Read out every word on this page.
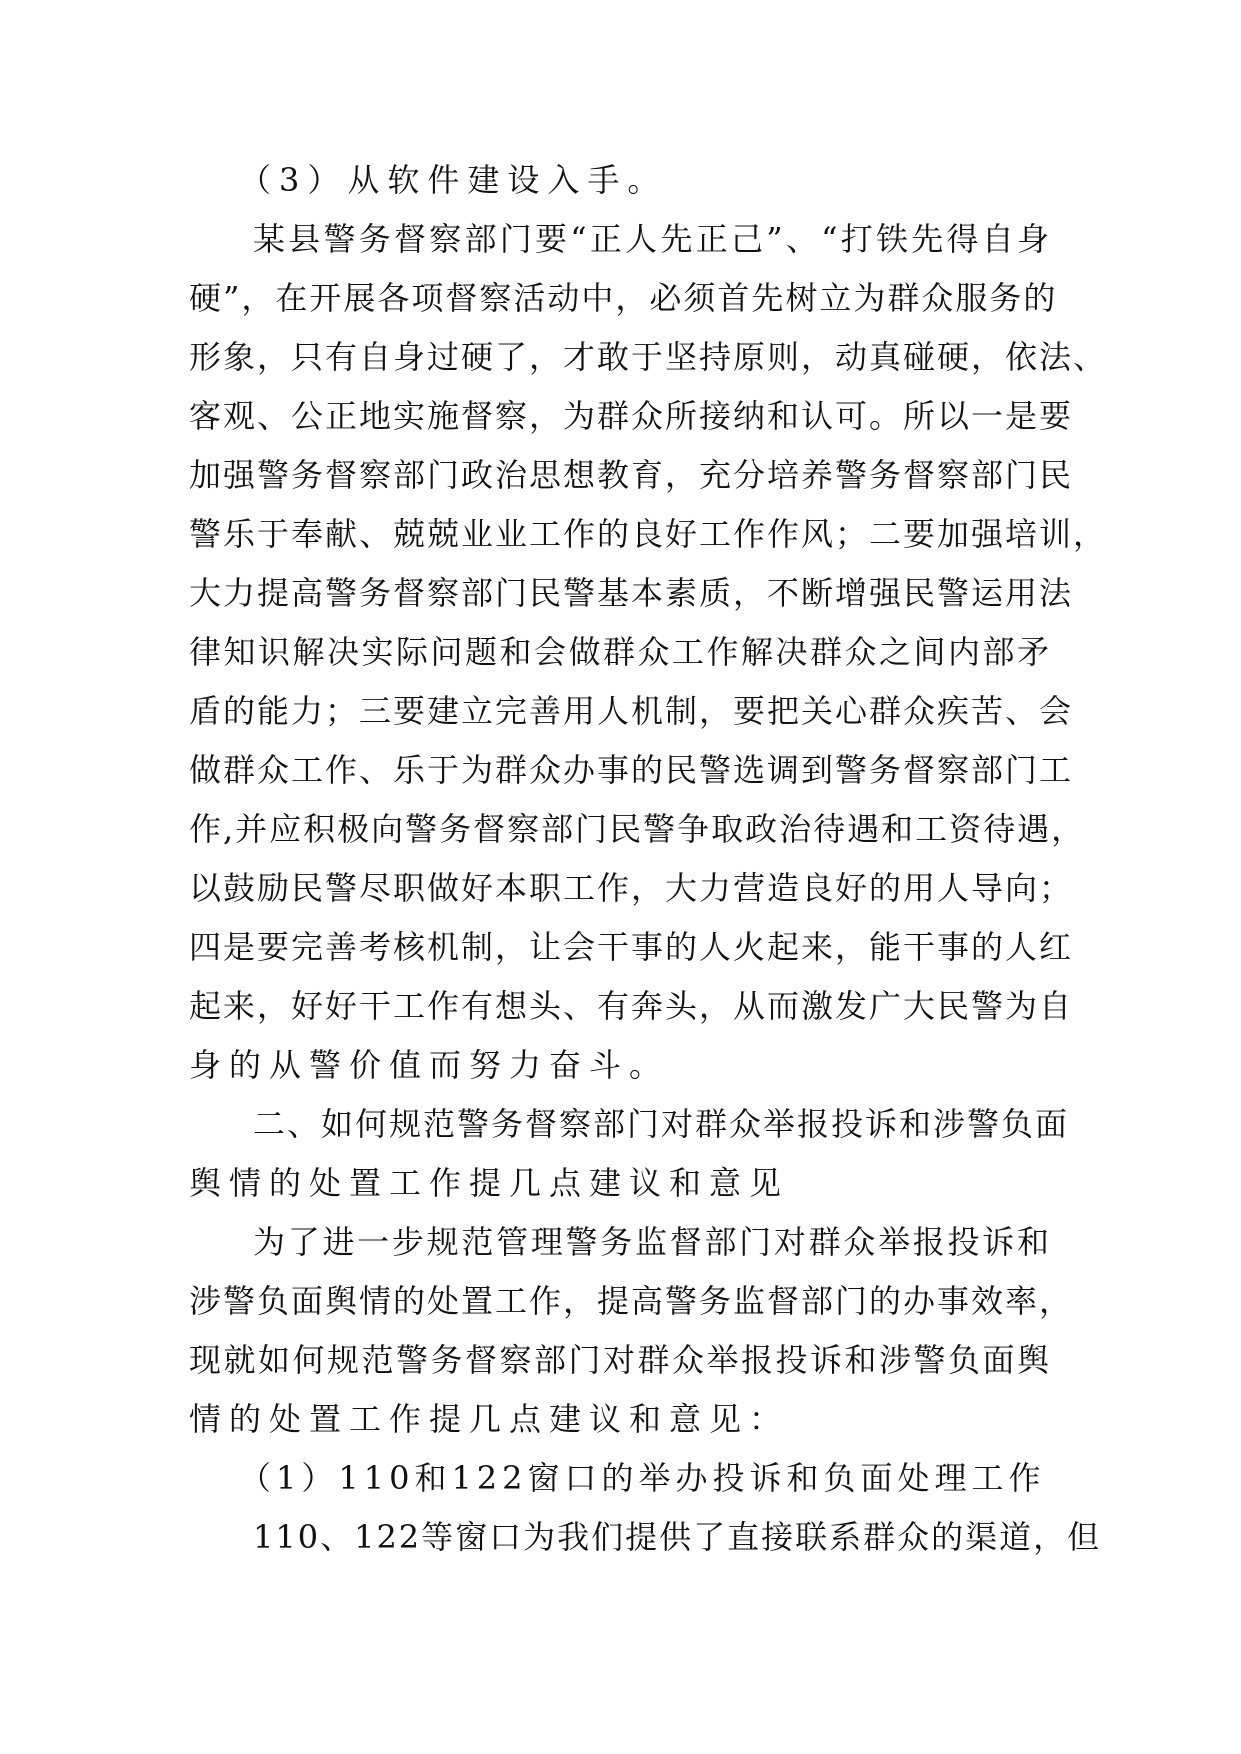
（3）从软件建设入手。
某县警务督察部门要“正人先正己”、“打铁先得自身
硬”，在开展各项督察活动中，必须首先树立为群众服务的
形象，只有自身过硬了，才敢于坚持原则，动真碰硬，依法、
客观、公正地实施督察，为群众所接纳和认可。所以一是要
加强警务督察部门政治思想教育，充分培养警务督察部门民
警乐于奉献、兢兢业业工作的良好工作作风；二要加强培训，
大力提高警务督察部门民警基本素质，不断增强民警运用法
律知识解决实际问题和会做群众工作解决群众之间内部矛
盾的能力；三要建立完善用人机制，要把关心群众疾苦、会
做群众工作、乐于为群众办事的民警选调到警务督察部门工
作,并应积极向警务督察部门民警争取政治待遇和工资待遇，
以鼓励民警尽职做好本职工作，大力营造良好的用人导向；
四是要完善考核机制，让会干事的人火起来，能干事的人红
起来，好好干工作有想头、有奔头，从而激发广大民警为自
身的从警价值而努力奋斗。
二、如何规范警务督察部门对群众举报投诉和涉警负面
舆情的处置工作提几点建议和意见
为了进一步规范管理警务监督部门对群众举报投诉和
涉警负面舆情的处置工作，提高警务监督部门的办事效率，
现就如何规范警务督察部门对群众举报投诉和涉警负面舆
情的处置工作提几点建议和意见：
（1）110和122窗口的举办投诉和负面处理工作
110、122等窗口为我们提供了直接联系群众的渠道，但
